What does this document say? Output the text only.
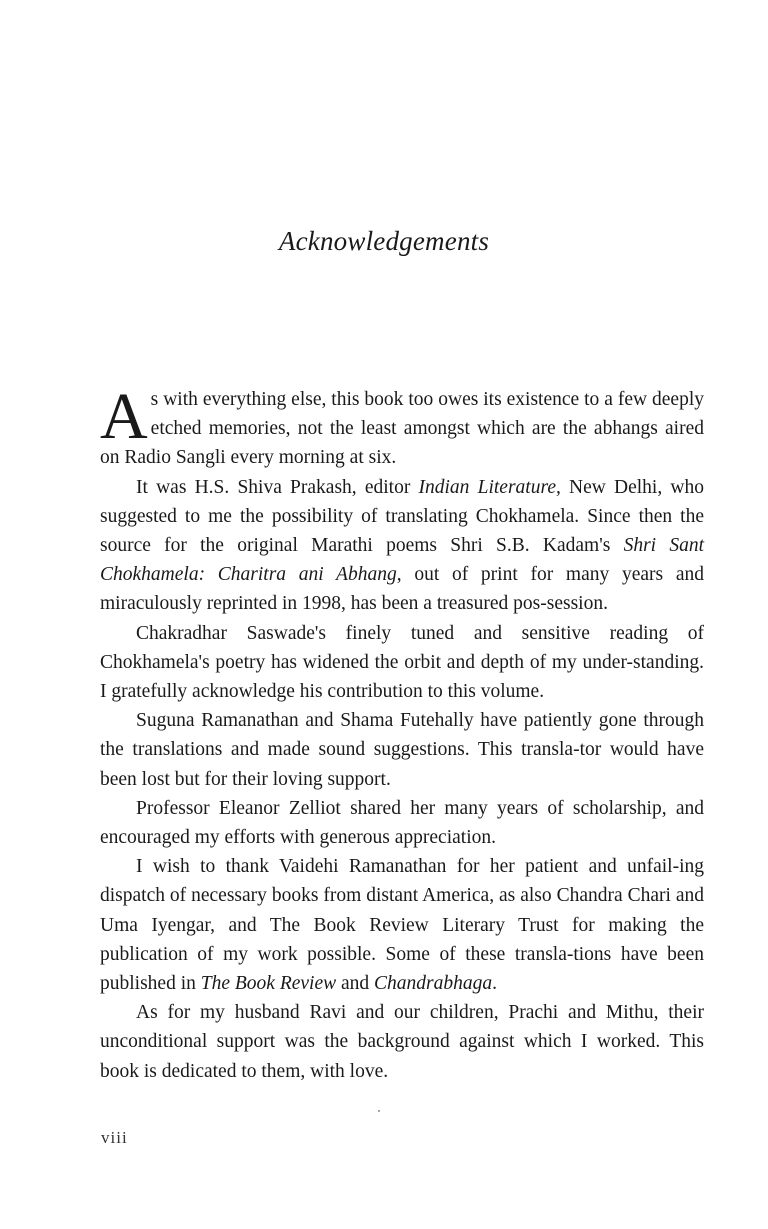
Acknowledgements

As with everything else, this book too owes its existence to a few deeply etched memories, not the least amongst which are the abhangs aired on Radio Sangli every morning at six.

It was H.S. Shiva Prakash, editor Indian Literature, New Delhi, who suggested to me the possibility of translating Chokhamela. Since then the source for the original Marathi poems Shri S.B. Kadam's Shri Sant Chokhamela: Charitra ani Abhang, out of print for many years and miraculously reprinted in 1998, has been a treasured pos-session.

Chakradhar Saswade's finely tuned and sensitive reading of Chokhamela's poetry has widened the orbit and depth of my under-standing. I gratefully acknowledge his contribution to this volume.

Suguna Ramanathan and Shama Futehally have patiently gone through the translations and made sound suggestions. This transla-tor would have been lost but for their loving support.

Professor Eleanor Zelliot shared her many years of scholarship, and encouraged my efforts with generous appreciation.

I wish to thank Vaidehi Ramanathan for her patient and unfail-ing dispatch of necessary books from distant America, as also Chandra Chari and Uma Iyengar, and The Book Review Literary Trust for making the publication of my work possible. Some of these transla-tions have been published in The Book Review and Chandrabhaga.

As for my husband Ravi and our children, Prachi and Mithu, their unconditional support was the background against which I worked. This book is dedicated to them, with love.

viii
